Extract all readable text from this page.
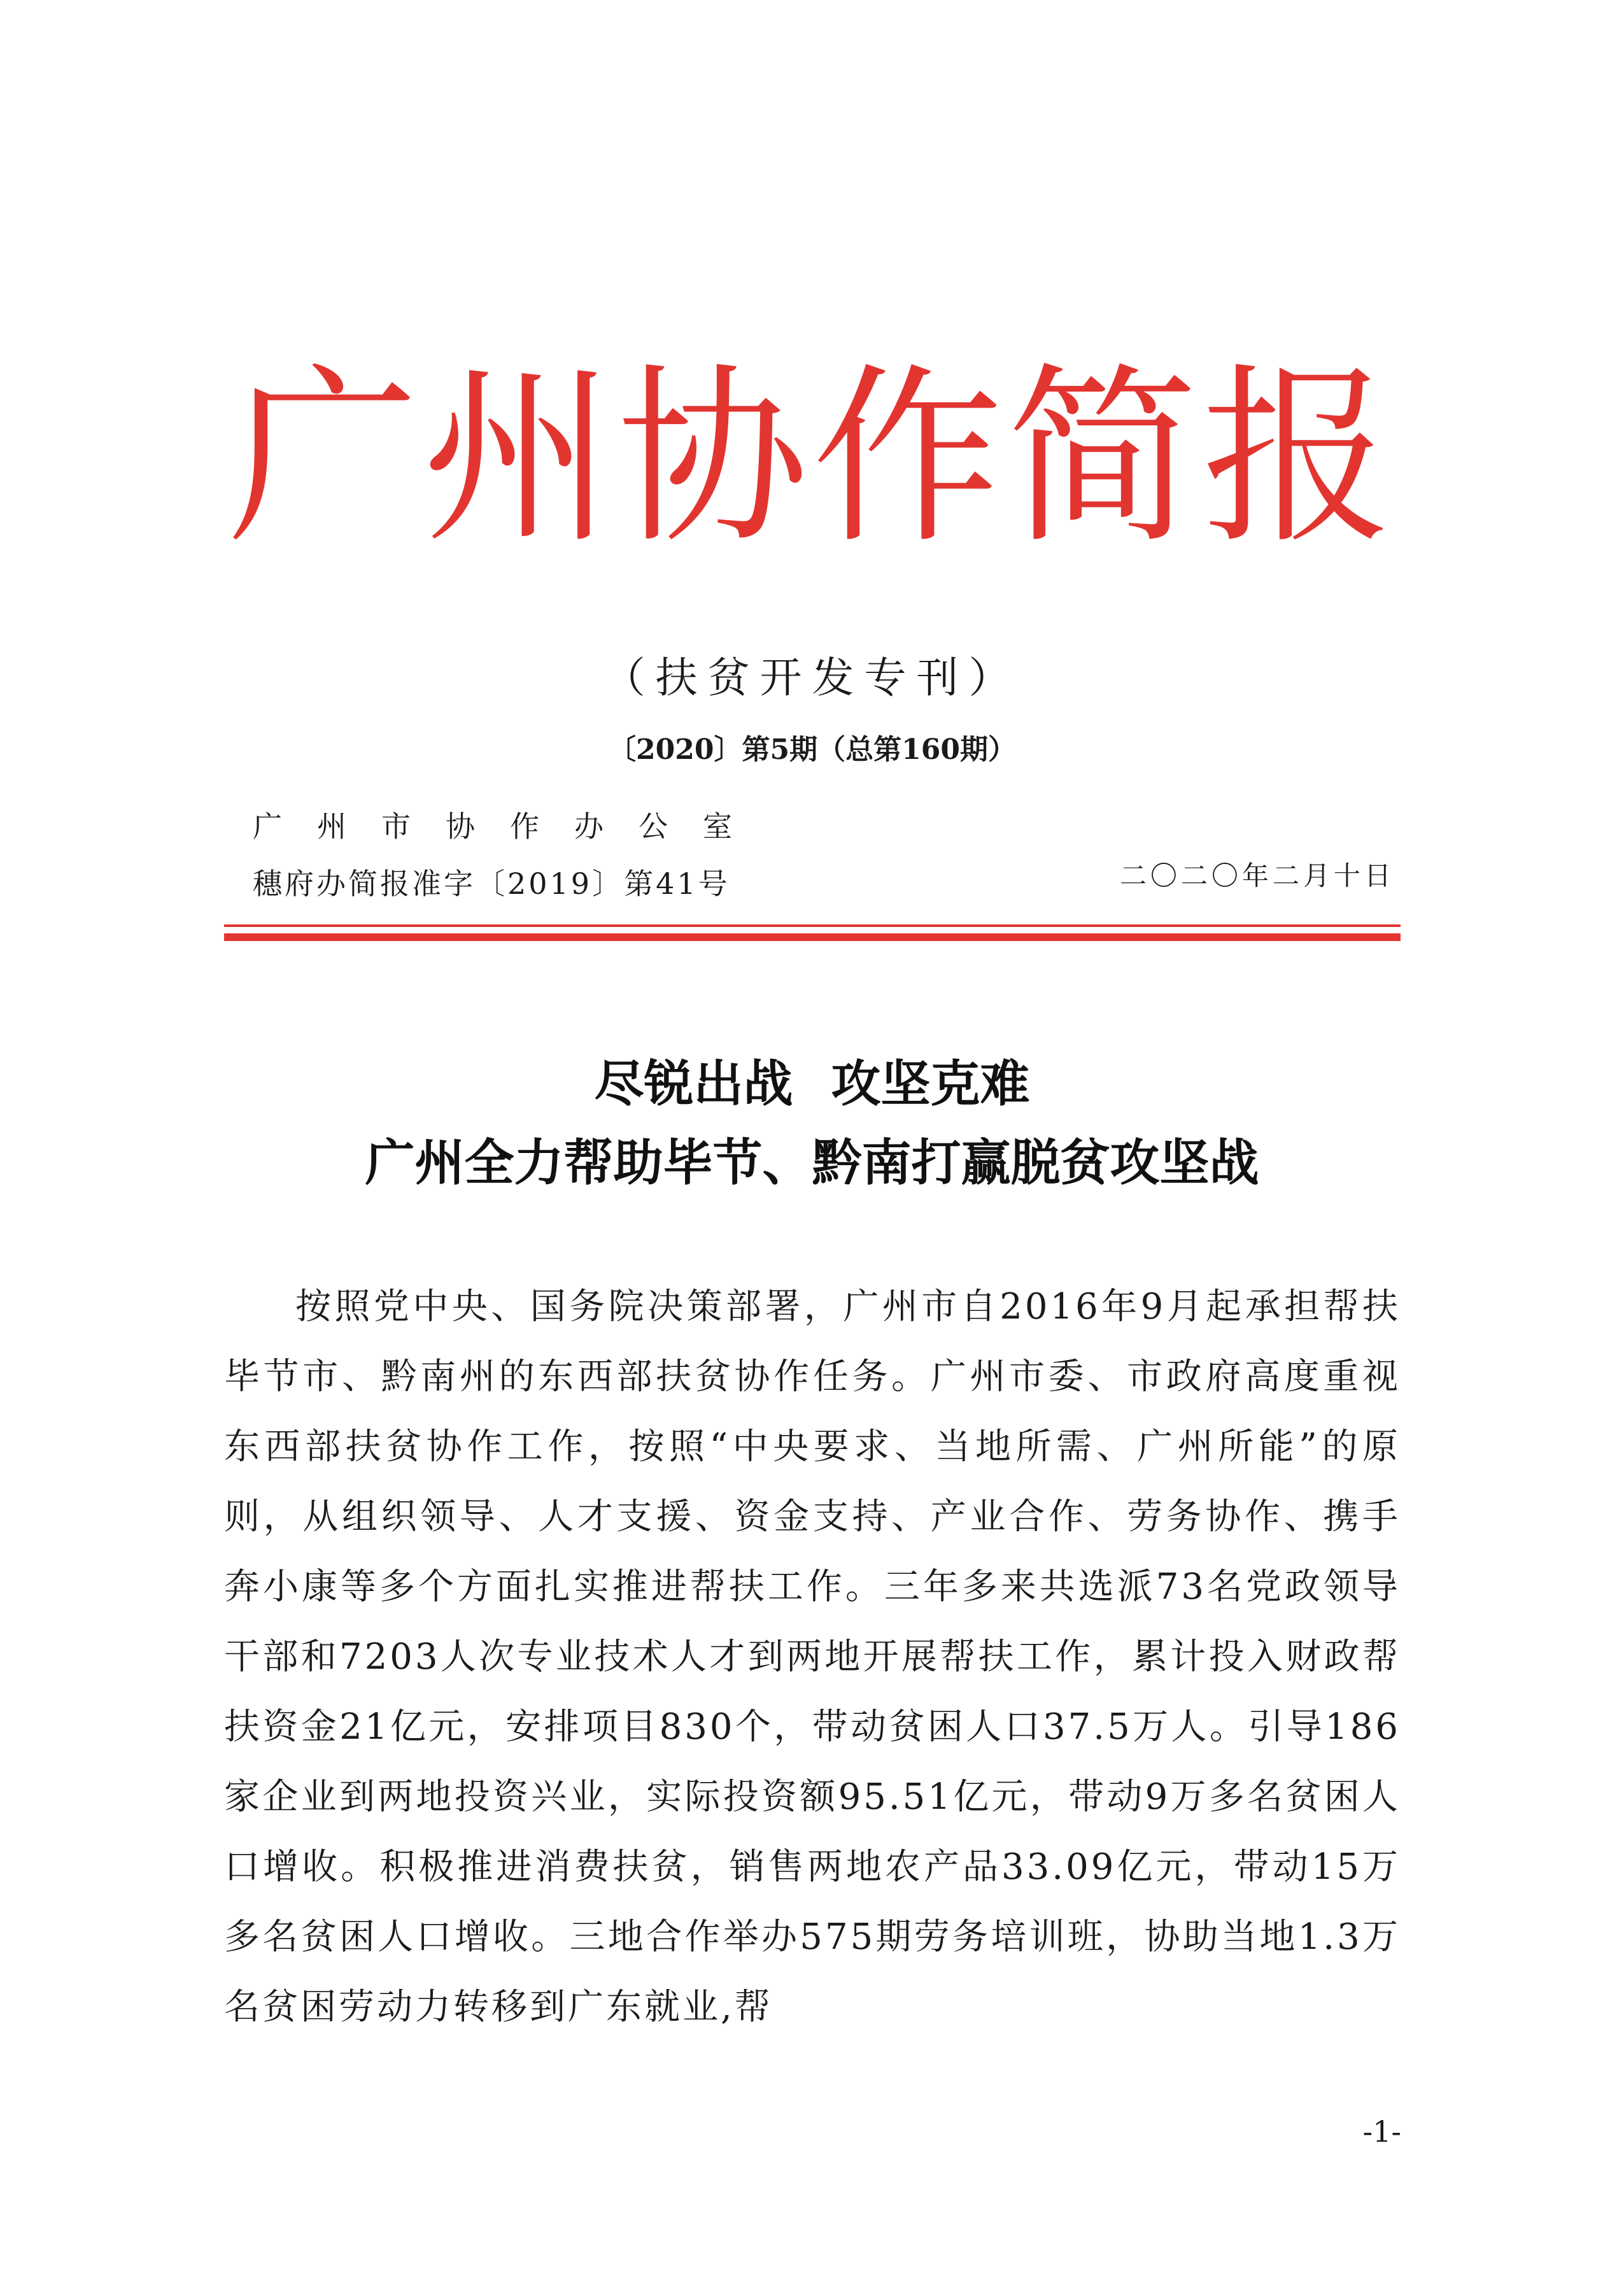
广州协作简报
（扶贫开发专刊）
〔2020〕第5期（总第160期）
广州市协作办公室
穗府办简报准字〔2019〕第41号	二〇二〇年二月十日
尽锐出战 攻坚克难
广州全力帮助毕节、黔南打赢脱贫攻坚战

按照党中央、国务院决策部署，广州市自2016年9月起承担帮扶毕节市、黔南州的东西部扶贫协作任务。广州市委、市政府高度重视东西部扶贫协作工作，按照“中央要求、当地所需、广州所能”的原则，从组织领导、人才支援、资金支持、产业合作、劳务协作、携手奔小康等多个方面扎实推进帮扶工作。三年多来共选派73名党政领导干部和7203人次专业技术人才到两地开展帮扶工作，累计投入财政帮扶资金21亿元，安排项目830个，带动贫困人口37.5万人。引导186家企业到两地投资兴业，实际投资额95.51亿元，带动9万多名贫困人口增收。积极推进消费扶贫，销售两地农产品33.09亿元，带动15万多名贫困人口增收。三地合作举办575期劳务培训班，协助当地1.3万名贫困劳动力转移到广东就业,帮

-1-
